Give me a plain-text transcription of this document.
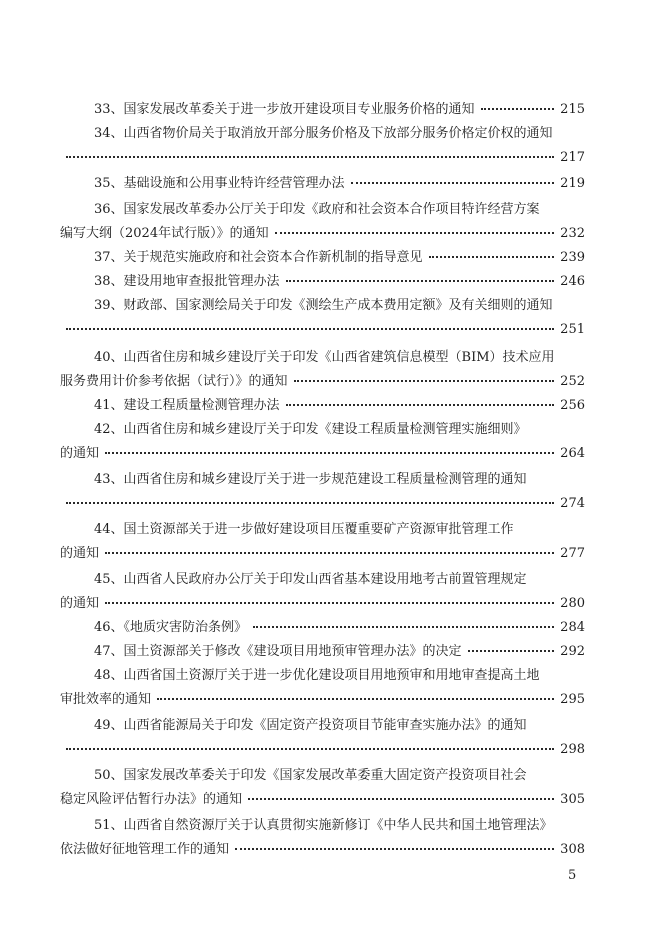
33、国家发展改革委关于进一步放开建设项目专业服务价格的通知	215
34、山西省物价局关于取消放开部分服务价格及下放部分服务价格定价权的通知
217
35、基础设施和公用事业特许经营管理办法	219
36、国家发展改革委办公厅关于印发《政府和社会资本合作项目特许经营方案
编写大纲（2024年试行版）》的通知	232
37、关于规范实施政府和社会资本合作新机制的指导意见	239
38、建设用地审查报批管理办法	246
39、财政部、国家测绘局关于印发《测绘生产成本费用定额》及有关细则的通知
251
40、山西省住房和城乡建设厅关于印发《山西省建筑信息模型（BIM）技术应用
服务费用计价参考依据（试行）》的通知	252
41、建设工程质量检测管理办法	256
42、山西省住房和城乡建设厅关于印发《建设工程质量检测管理实施细则》
的通知	264
43、山西省住房和城乡建设厅关于进一步规范建设工程质量检测管理的通知
274
44、国土资源部关于进一步做好建设项目压覆重要矿产资源审批管理工作
的通知	277
45、山西省人民政府办公厅关于印发山西省基本建设用地考古前置管理规定
的通知	280
46、《地质灾害防治条例》	284
47、国土资源部关于修改《建设项目用地预审管理办法》的决定	292
48、山西省国土资源厅关于进一步优化建设项目用地预审和用地审查提高土地
审批效率的通知	295
49、山西省能源局关于印发《固定资产投资项目节能审查实施办法》的通知
298
50、国家发展改革委关于印发《国家发展改革委重大固定资产投资项目社会
稳定风险评估暂行办法》的通知	305
51、山西省自然资源厅关于认真贯彻实施新修订《中华人民共和国土地管理法》
依法做好征地管理工作的通知	308
5
